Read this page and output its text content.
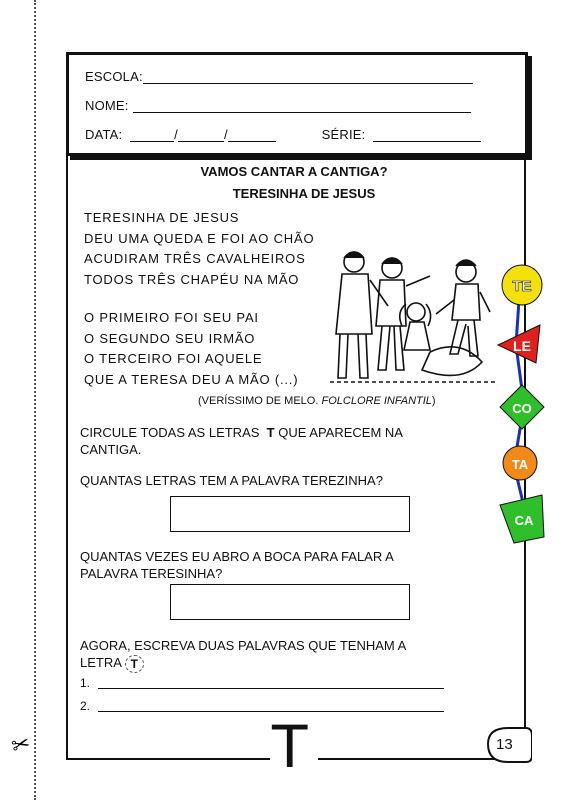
✂
ESCOLA:
NOME:
DATA:	/	/	SÉRIE:
VAMOS CANTAR A CANTIGA?
TERESINHA DE JESUS
TERESINHA DE JESUS
DEU UMA QUEDA E FOI AO CHÃO
ACUDIRAM TRÊS CAVALHEIROS
TODOS TRÊS CHAPÉU NA MÃO
O PRIMEIRO FOI SEU PAI
O SEGUNDO SEU IRMÃO
O TERCEIRO FOI AQUELE
QUE A TERESA DEU A MÃO (...)
(VERÍSSIMO DE MELO. FOLCLORE INFANTIL)
CIRCULE TODAS AS LETRAS T QUE APARECEM NA
CANTIGA.
QUANTAS LETRAS TEM A PALAVRA TEREZINHA?
QUANTAS VEZES EU ABRO A BOCA PARA FALAR A
PALAVRA TERESINHA?
AGORA, ESCREVA DUAS PALAVRAS QUE TENHAM A
LETRA T
1.
2.
TE
LE
CO
TA
CA
T	13
